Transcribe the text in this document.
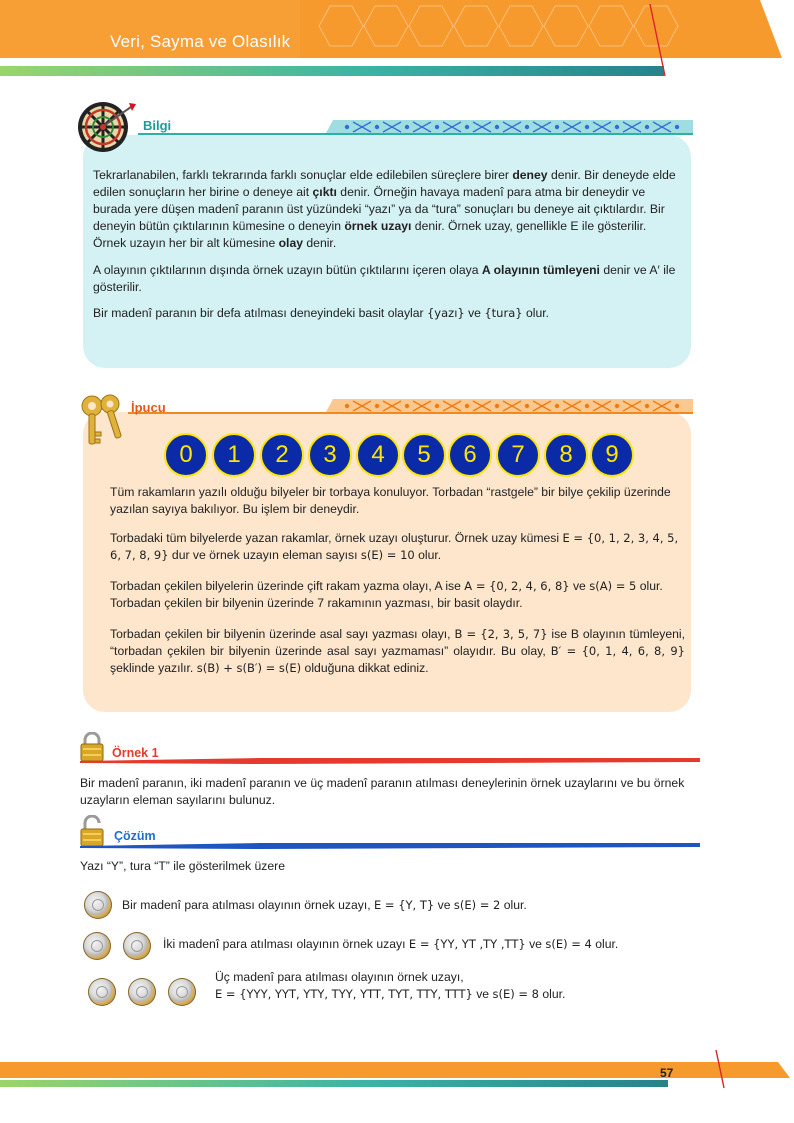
Veri, Sayma ve Olasılık
Bilgi
Tekrarlanabilen, farklı tekrarında farklı sonuçlar elde edilebilen süreçlere birer deney denir. Bir deneyde elde edilen sonuçların her birine o deneye ait çıktı denir. Örneğin havaya madenî para atma bir deneydir ve burada yere düşen madenî paranın üst yüzündeki “yazı” ya da “tura” sonuçları bu deneye ait çıktılardır. Bir deneyin bütün çıktılarının kümesine o deneyin örnek uzayı denir. Örnek uzay, genellikle E ile gösterilir. Örnek uzayın her bir alt kümesine olay denir.
A olayının çıktılarının dışında örnek uzayın bütün çıktılarını içeren olaya A olayının tümleyeni denir ve A′ ile gösterilir.
Bir madenî paranın bir defa atılması deneyindeki basit olaylar {yazı} ve {tura} olur.
İpucu
0	1	2	3	4	5	6	7	8	9
Tüm rakamların yazılı olduğu bilyeler bir torbaya konuluyor. Torbadan “rastgele” bir bilye çekilip üzerinde yazılan sayıya bakılıyor. Bu işlem bir deneydir.
Torbadaki tüm bilyelerde yazan rakamlar, örnek uzayı oluşturur. Örnek uzay kümesi E = {0, 1, 2, 3, 4, 5, 6, 7, 8, 9} dur ve örnek uzayın eleman sayısı s(E) = 10 olur.
Torbadan çekilen bilyelerin üzerinde çift rakam yazma olayı, A ise A = {0, 2, 4, 6, 8} ve s(A) = 5 olur. Torbadan çekilen bir bilyenin üzerinde 7 rakamının yazması, bir basit olaydır.
Torbadan çekilen bir bilyenin üzerinde asal sayı yazması olayı, B = {2, 3, 5, 7} ise B olayının tümleyeni, “torbadan çekilen bir bilyenin üzerinde asal sayı yazmaması” olayıdır. Bu olay, B′ = {0, 1, 4, 6, 8, 9} şeklinde yazılır. s(B) + s(B′) = s(E) olduğuna dikkat ediniz.
Örnek 1
Bir madenî paranın, iki madenî paranın ve üç madenî paranın atılması deneylerinin örnek uzaylarını ve bu örnek uzayların eleman sayılarını bulunuz.
Çözüm
Yazı “Y”, tura “T” ile gösterilmek üzere
Bir madenî para atılması olayının örnek uzayı, E = {Y, T} ve s(E) = 2 olur.
İki madenî para atılması olayının örnek uzayı E = {YY, YT ,TY ,TT} ve s(E) = 4 olur.
Üç madenî para atılması olayının örnek uzayı,
E = {YYY, YYT, YTY, TYY, YTT, TYT, TTY, TTT} ve s(E) = 8 olur.
57
